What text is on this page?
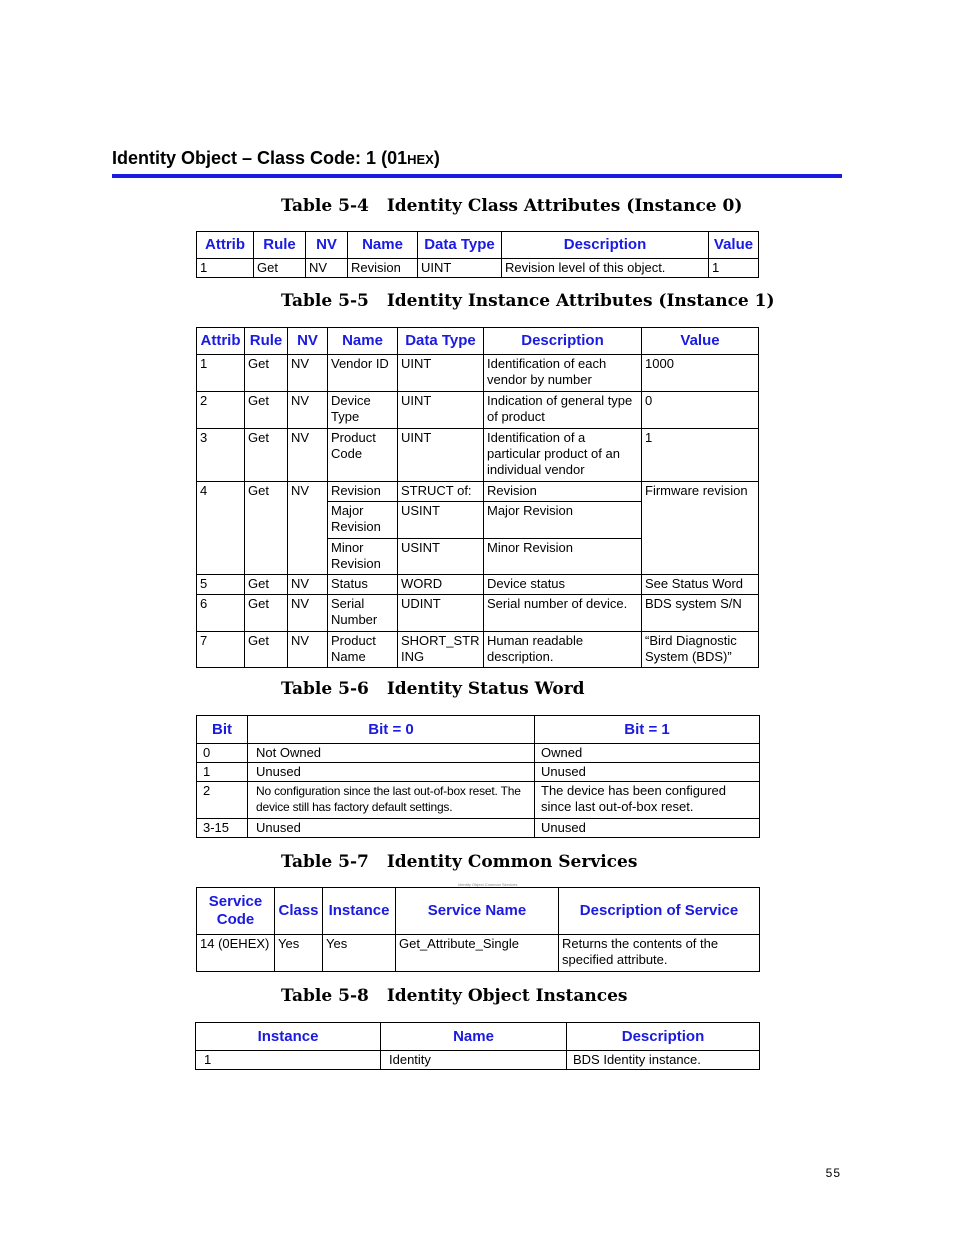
Identity Object – Class Code: 1 (01HEX)
Table 5-4 Identity Class Attributes (Instance 0)
Attrib	Rule	NV	Name	Data Type	Description	Value
1	Get	NV	Revision	UINT	Revision level of this object.	1
Table 5-5 Identity Instance Attributes (Instance 1)
Attrib	Rule	NV	Name	Data Type	Description	Value
1	Get	NV	Vendor ID	UINT	Identification of each vendor by number	1000
2	Get	NV	Device Type	UINT	Indication of general type of product	0
3	Get	NV	Product Code	UINT	Identification of a particular product of an individual vendor	1
4	Get	NV	Revision	STRUCT of:	Revision	Firmware revision
			Major Revision	USINT	Major Revision	
			Minor Revision	USINT	Minor Revision	
5	Get	NV	Status	WORD	Device status	See Status Word
6	Get	NV	Serial Number	UDINT	Serial number of device.	BDS system S/N
7	Get	NV	Product Name	SHORT_STRING	Human readable description.	“Bird Diagnostic System (BDS)”
Table 5-6 Identity Status Word
Bit	Bit = 0	Bit = 1
0	Not Owned	Owned
1	Unused	Unused
2	No configuration since the last out-of-box reset. The device still has factory default settings.	The device has been configured since last out-of-box reset.
3-15	Unused	Unused
Table 5-7 Identity Common Services
Identity Object Common Services
Service Code	Class	Instance	Service Name	Description of Service
14 (0EHEX)	Yes	Yes	Get_Attribute_Single	Returns the contents of the specified attribute.
Table 5-8 Identity Object Instances
Instance	Name	Description
1	Identity	BDS Identity instance.
55
